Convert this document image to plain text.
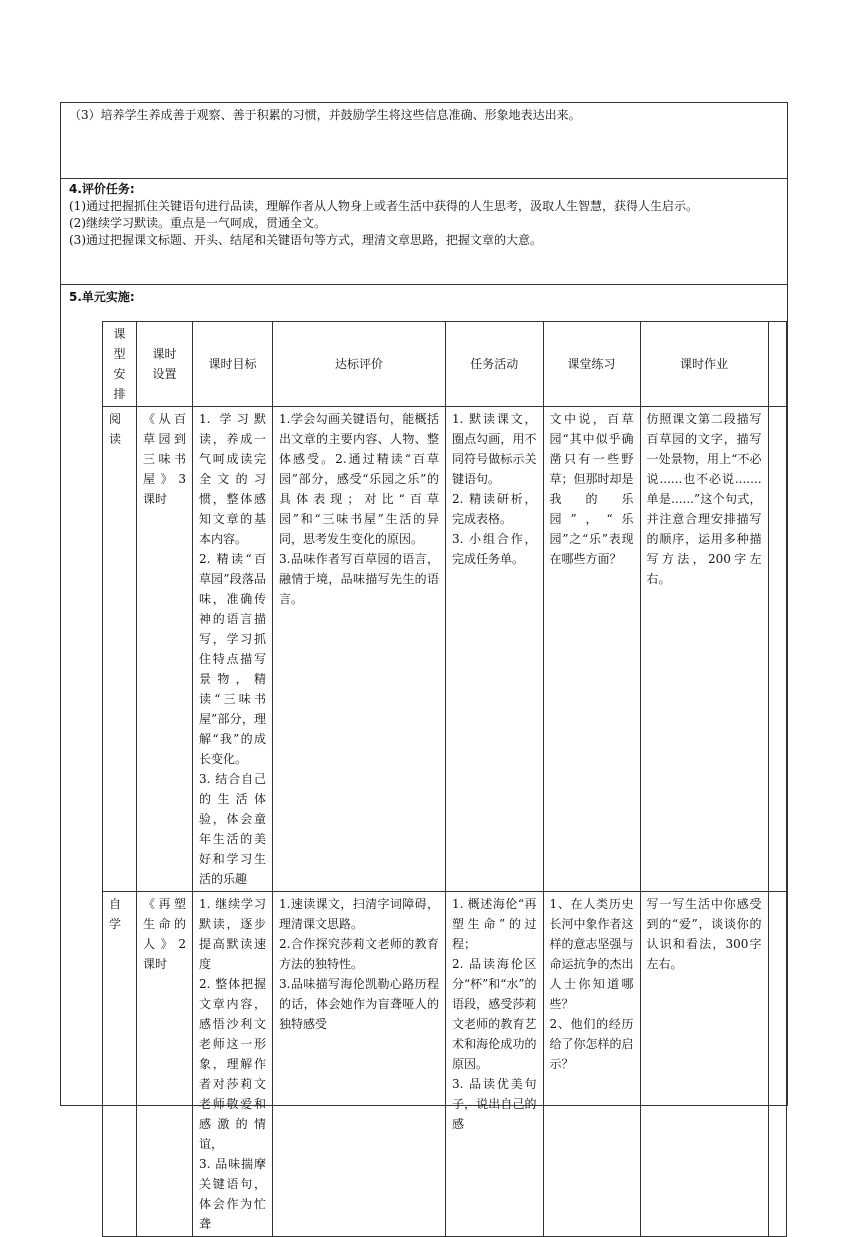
（3）培养学生养成善于观察、善于积累的习惯，并鼓励学生将这些信息准确、形象地表达出来。

4.评价任务:

(1)通过把握抓住关键语句进行品读，理解作者从人物身上或者生活中获得的人生思考，汲取人生智慧，获得人生启示。

(2)继续学习默读。重点是一气呵成，贯通全文。

(3)通过把握课文标题、开头、结尾和关键语句等方式，理清文章思路，把握文章的大意。

5.单元实施:
课型安排	课时设置	课时目标	达标评价	任务活动	课堂练习	课时作业	
阅读	《从百草园到三味书屋》3课时	1. 学习默读，养成一气呵成读完全文的习惯，整体感知文章的基本内容。
2. 精读“百草园”段落品味，准确传神的语言描写，学习抓住特点描写景物，精读“三味书屋”部分，理解“我”的成长变化。
3. 结合自己的生活体验，体会童年生活的美好和学习生活的乐趣	1.学会勾画关键语句，能概括出文章的主要内容、人物、整体感受。2.通过精读“百草园”部分，感受“乐园之乐”的具体表现；对比“百草园”和“三味书屋”生活的异同，思考发生变化的原因。
3.品味作者写百草园的语言，融情于境，品味描写先生的语言。	1. 默读课文，圈点勾画，用不同符号做标示关键语句。
2. 精读研析，完成表格。
3. 小组合作，完成任务单。	文中说，百草园“其中似乎确凿只有一些野草；但那时却是我的乐园”，“乐园”之“乐”表现在哪些方面？	仿照课文第二段描写百草园的文字，描写一处景物，用上“不必说......也不必说.......单是......”这个句式，并注意合理安排描写的顺序，运用多种描写方法，200字左右。	
自学	《再塑生命的人》2课时	1. 继续学习默读，逐步提高默读速度
2. 整体把握文章内容，感悟沙利文老师这一形象，理解作者对莎莉文老师敬爱和感激的情谊，
3. 品味揣摩关键语句，体会作为忙聋	1.速读课文，扫清字词障碍，理清课文思路。
2.合作探究莎莉文老师的教育方法的独特性。
3.品味描写海伦凯勒心路历程的话，体会她作为盲聋哑人的独特感受	1. 概述海伦“再塑生命”的过程；
2. 品读海伦区分“杯”和“水”的语段，感受莎莉文老师的教育艺术和海伦成功的原因。
3. 品读优美句子，说出自己的感	1、在人类历史长河中象作者这样的意志坚强与命运抗争的杰出人士你知道哪些？
2、他们的经历给了你怎样的启示？	写一写生活中你感受到的“爱”，谈谈你的认识和看法，300字左右。	
